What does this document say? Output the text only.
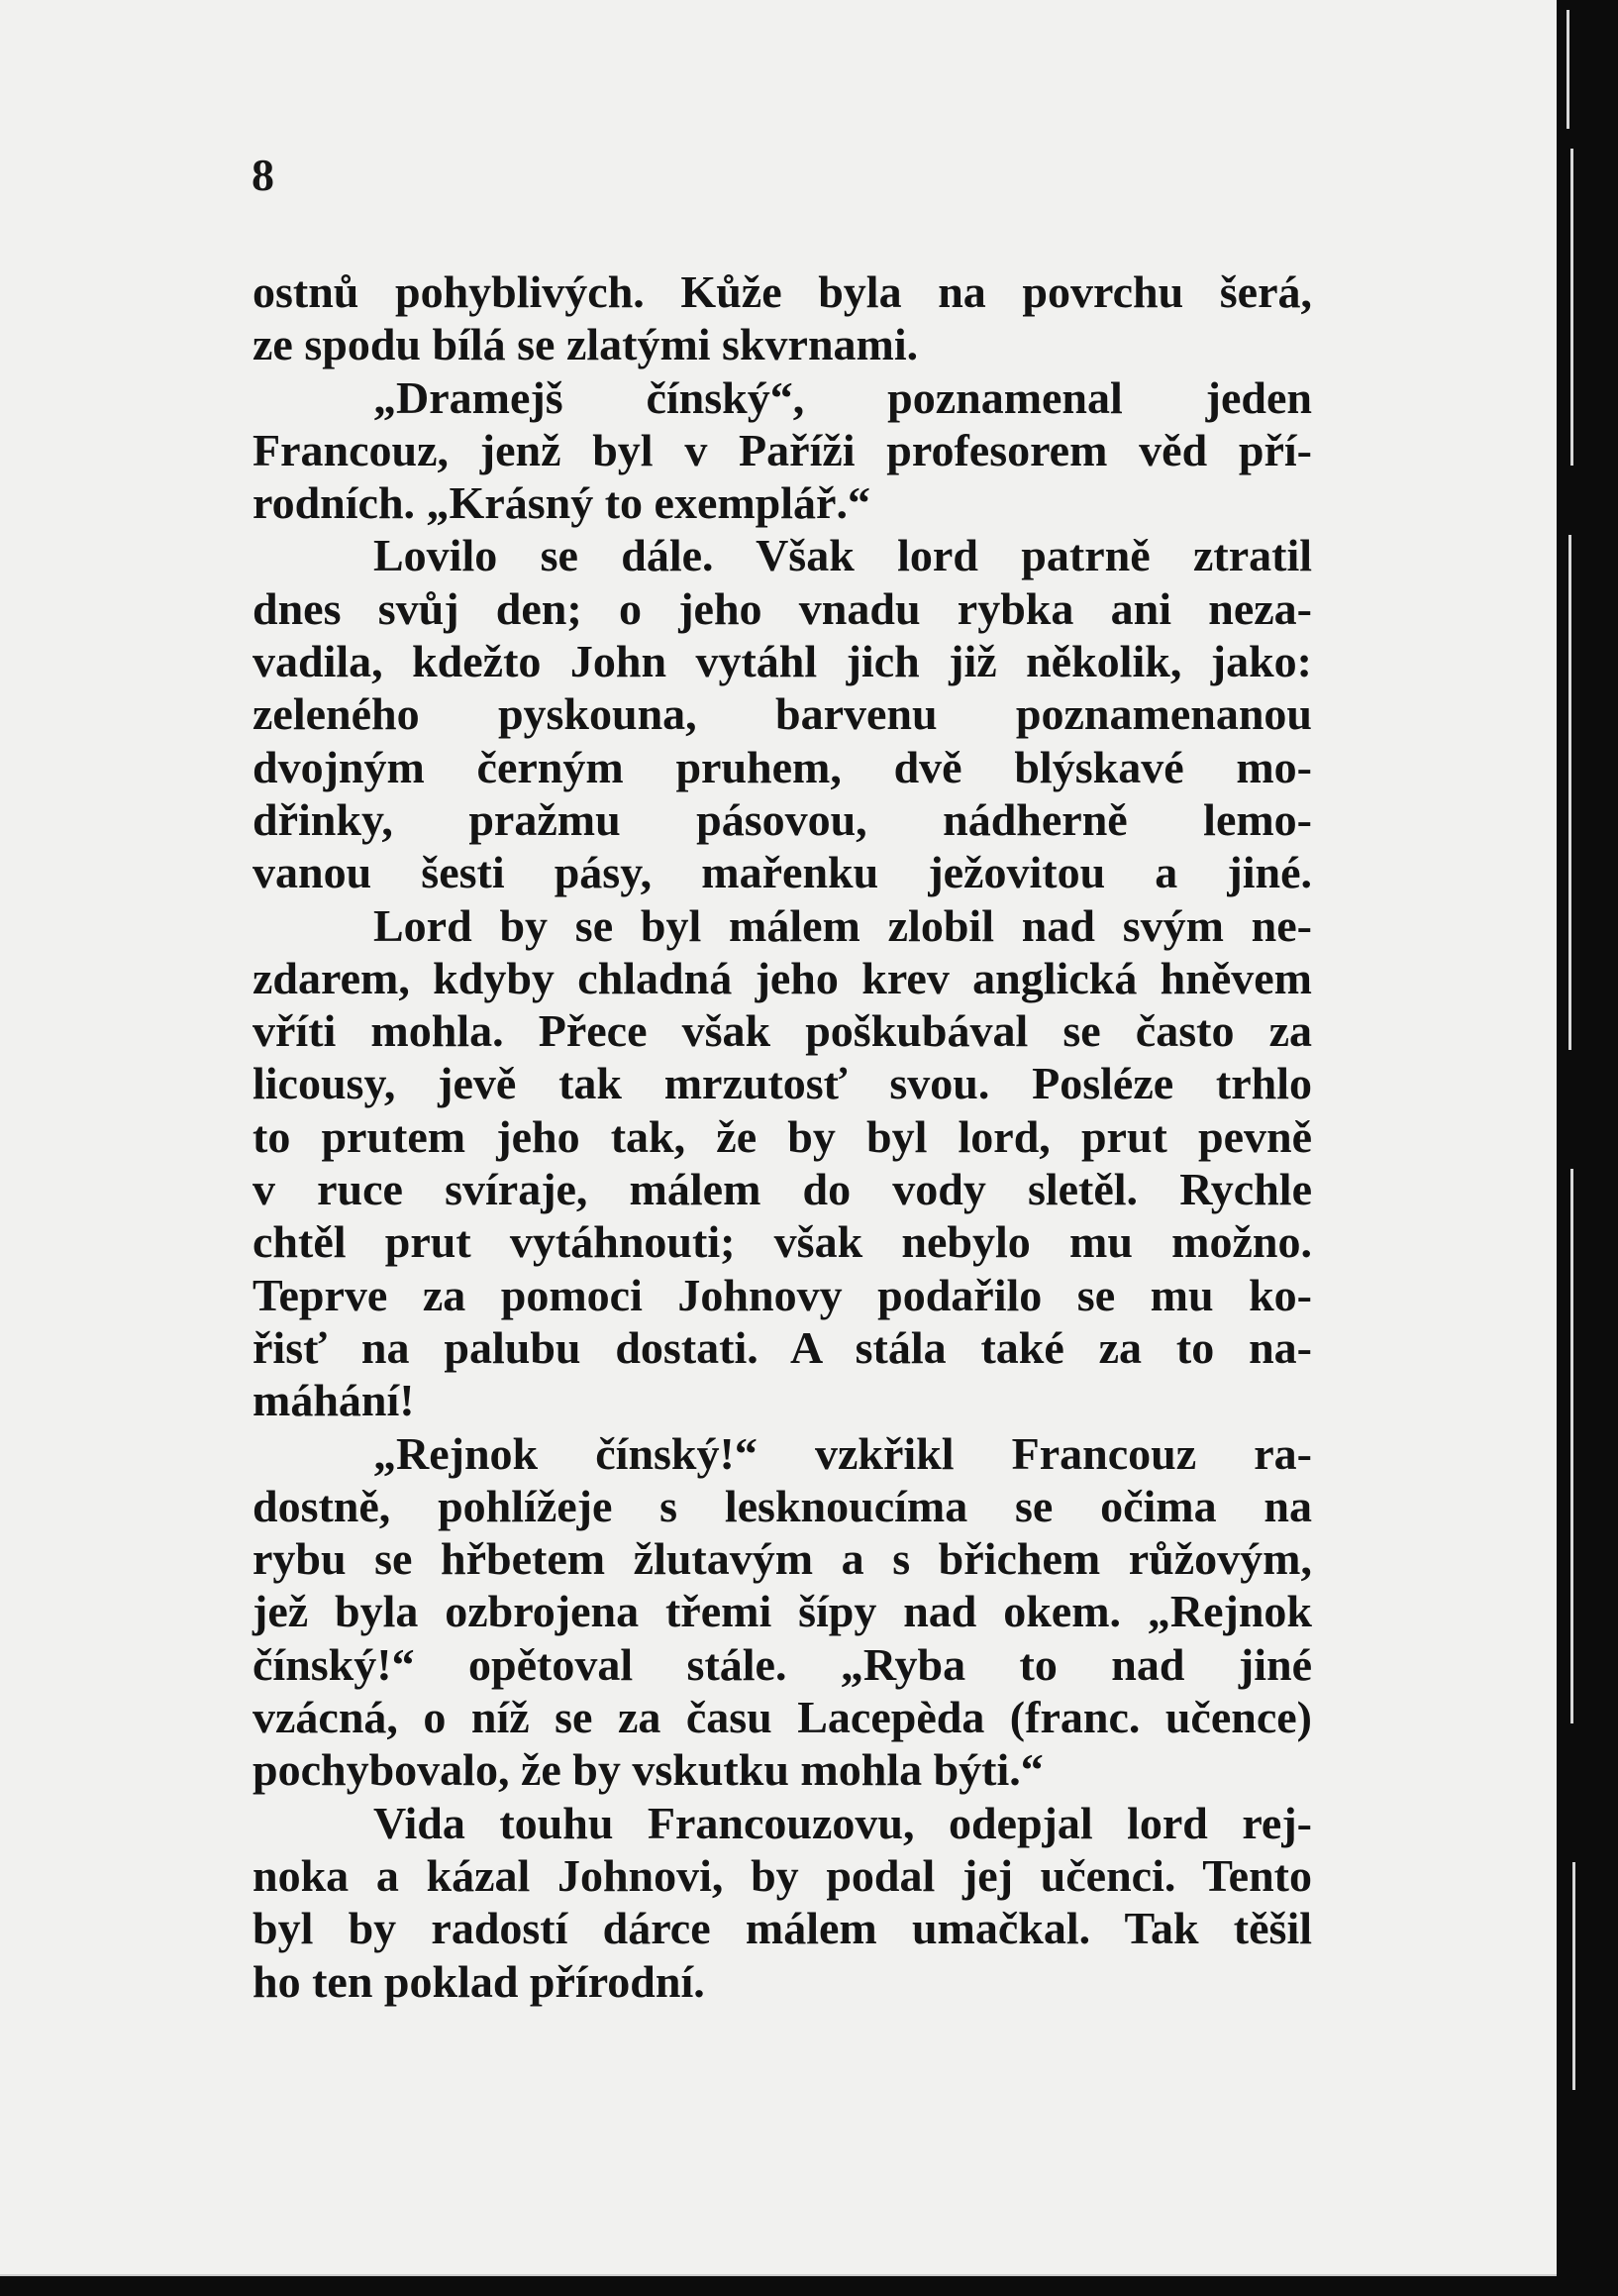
8
ostnů pohyblivých. Kůže byla na povrchu šerá,
ze spodu bílá se zlatými skvrnami.
„Dramejš čínský“, poznamenal jeden
Francouz, jenž byl v Paříži profesorem věd pří-
rodních. „Krásný to exemplář.“
Lovilo se dále. Však lord patrně ztratil
dnes svůj den; o jeho vnadu rybka ani neza-
vadila, kdežto John vytáhl jich již několik, jako:
zeleného pyskouna, barvenu poznamenanou
dvojným černým pruhem, dvě blýskavé mo-
dřinky, pražmu pásovou, nádherně lemo-
vanou šesti pásy, mařenku ježovitou a jiné.
Lord by se byl málem zlobil nad svým ne-
zdarem, kdyby chladná jeho krev anglická hněvem
vříti mohla. Přece však poškubával se často za
licousy, jevě tak mrzutosť svou. Posléze trhlo
to prutem jeho tak, že by byl lord, prut pevně
v ruce svíraje, málem do vody sletěl. Rychle
chtěl prut vytáhnouti; však nebylo mu možno.
Teprve za pomoci Johnovy podařilo se mu ko-
řisť na palubu dostati. A stála také za to na-
máhání!
„Rejnok čínský!“ vzkřikl Francouz ra-
dostně, pohlížeje s lesknoucíma se očima na
rybu se hřbetem žlutavým a s břichem růžovým,
jež byla ozbrojena třemi šípy nad okem. „Rejnok
čínský!“ opětoval stále. „Ryba to nad jiné
vzácná, o níž se za času Lacepèda (franc. učence)
pochybovalo, že by vskutku mohla býti.“
Vida touhu Francouzovu, odepjal lord rej-
noka a kázal Johnovi, by podal jej učenci. Tento
byl by radostí dárce málem umačkal. Tak těšil
ho ten poklad přírodní.
